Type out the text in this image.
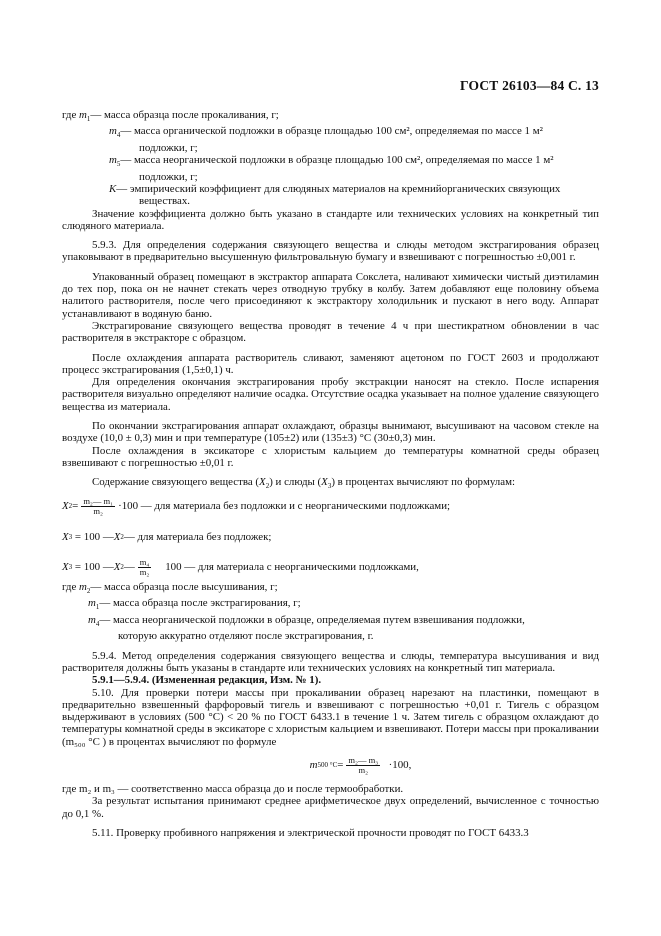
ГОСТ 26103—84 С. 13
где $m_1—$ масса образца после прокаливания, г;
$m_4—$ масса органической подложки в образце площадью 100 см², определяемая по массе 1 м²
подложки, г;
$m_5—$ масса неорганической подложки в образце площадью 100 см², определяемая по массе 1 м²
подложки, г;
K— эмпирический коэффициент для слюдяных материалов на кремнийорганических связующих
веществах.

Значение коэффициента должно быть указано в стандарте или технических условиях на конкретный тип слюдяного материала.

5.9.3. Для определения содержания связующего вещества и слюды методом экстрагирования образец упаковывают в предварительно высушенную фильтровальную бумагу и взвешивают с погрешностью ±0,001 г.

Упакованный образец помещают в экстрактор аппарата Сокслета, наливают химически чистый диэтиламин до тех пор, пока он не начнет стекать через отводную трубку в колбу. Затем добавляют еще половину объема налитого растворителя, после чего присоединяют к экстрактору холодильник и пускают в него воду. Аппарат устанавливают в водяную баню.

Экстрагирование связующего вещества проводят в течение 4 ч при шестикратном обновлении в час растворителя в экстракторе с образцом.

После охлаждения аппарата растворитель сливают, заменяют ацетоном по ГОСТ 2603 и продолжают процесс экстрагирования (1,5±0,1) ч.

Для определения окончания экстрагирования пробу экстракции наносят на стекло. После испарения растворителя визуально определяют наличие осадка. Отсутствие осадка указывает на полное удаление связующего вещества из материала.

По окончании экстрагирования аппарат охлаждают, образцы вынимают, высушивают на часовом стекле на воздухе (10,0 ± 0,3) мин и при температуре (105±2) или (135±3) °С (30±0,3) мин.

После охлаждения в эксикаторе с хлористым кальцием до температуры комнатной среды образец взвешивают с погрешностью ±0,01 г.

Содержание связующего вещества $(X_2)$ и слюды $(X_3)$ в процентах вычисляют по формулам:

X $2 = \frac{\text{m₂— m₁}}{\text{m₂}} \cdot 100$ — для материала без подложки и с неорганическими подложками;
X 3
= 100 — X 2 — для материала без подложек;
X 3
= 100 — X 2 — $\frac{\text{m₄}}{\text{m₂}}$
100 — для материала с неорганическими подложками,
где $m_2—$ масса образца после высушивания, г;
$m_1—$ масса образца после экстрагирования, г;
$m_4—$ масса неорганической подложки в образце, определяемая путем взвешивания подложки,
которую аккуратно отделяют после экстрагирования, г.

5.9.4. Метод определения содержания связующего вещества и слюды, температура высушивания и вид растворителя должны быть указаны в стандарте или технических условиях на конкретный тип материала.

5.9.1—5.9.4. (Измененная редакция, Изм. № 1).

5.10. Для проверки потери массы при прокаливании образец нарезают на пластинки, помещают в предварительно взвешенный фарфоровый тигель и взвешивают с погрешностью +0,01 г. Тигель с образцом выдерживают в условиях (500 °С) < 20 % по ГОСТ 6433.1 в течение 1 ч. Затем тигель с образцом охлаждают до температуры комнатной среды в эксикаторе с хлористым кальцием и взвешивают. Потери массы при прокаливании (m₅₀₀ °С ) в процентах вычисляют по формуле

m 500 $^\circ С = \frac{\text{m₂— m₃}}{\text{m₂}}$
·100,

где m₂ и m₃ — соответственно масса образца до и после термообработки.

За результат испытания принимают среднее арифметическое двух определений, вычисленное с точностью до 0,1 %.

5.11. Проверку пробивного напряжения и электрической прочности проводят по ГОСТ 6433.3
